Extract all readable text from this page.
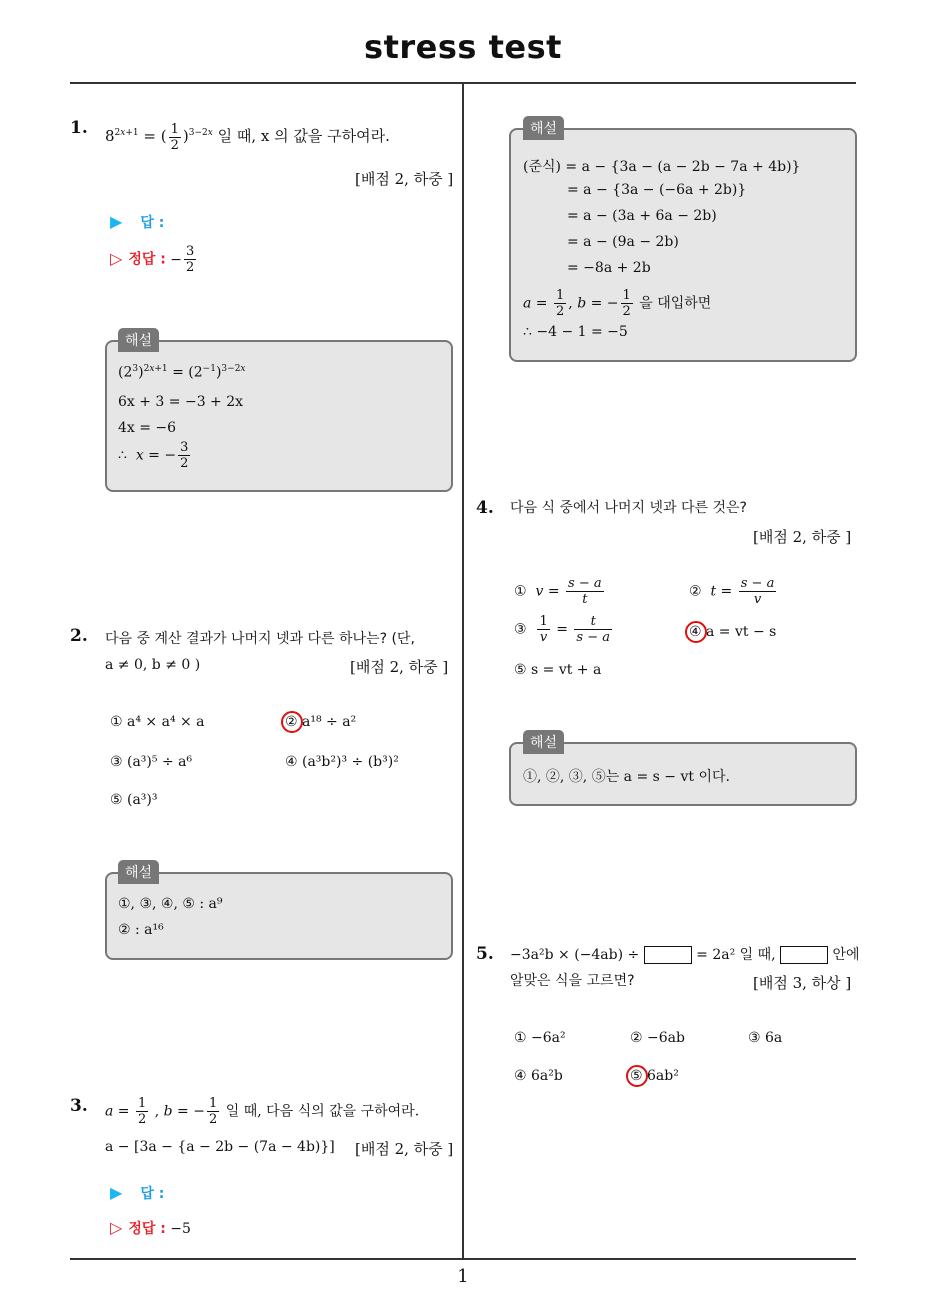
stress test
1
1. $8^{2x+1}$ = ( $\frac{1}{2} )^{3-2x}$ 일 때, x 의 값을 구하여라.
[배점 2, 하중 ]
▶ 답 :
▷ 정답 : − $\frac{3}{2}$
해설
$(2^3)^{2x+1} = (2^{-1})^{3-2x}$
6x + 3 = −3 + 2x
4x = −6
∴  x = − $\frac{3}{2}$
2. 다음 중 계산 결과가 나머지 넷과 다른 하나는? (단,
a ≠ 0, b ≠ 0 )	[배점 2, 하중 ]
① a⁴ × a⁴ × a	② a¹⁸ ÷ a²
③ (a³)⁵ ÷ a⁶	④ (a³b²)³ ÷ (b³)²
⑤ (a³)³
해설
①, ③, ④, ⑤ : a⁹
② : a¹⁶
3. $a = \frac{1}{2}$ , b = − $\frac{1}{2}$ 일 때, 다음 식의 값을 구하여라.
a − [3a − {a − 2b − (7a − 4b)}] [배점 2, 하중 ]
▶ 답 :
▷ 정답 : −5
해설
(준식) = a − {3a − (a − 2b − 7a + 4b)}
= a − {3a − (−6a + 2b)}
= a − (3a + 6a − 2b)
= a − (9a − 2b)
= −8a + 2b
$a = \frac{1}{2}$ , b = − $\frac{1}{2}$ 을 대입하면
∴ −4 − 1 = −5
4. 다음 식 중에서 나머지 넷과 다른 것은?
[배점 2, 하중 ]
① $v = \frac{s - a}{t}$	② $t = \frac{s - a}{v}$
③ $\frac{1}{v} = \frac{t}{s - a}$	④ a = vt − s
⑤ s = vt + a
해설
①, ②, ③, ⑤는 a = s − vt 이다.
5. −3a²b × (−4ab) ÷	= 2a² 일 때,	안에
알맞은 식을 고르면?	[배점 3, 하상 ]
① −6a²	② −6ab	③ 6a
④ 6a²b	⑤ 6ab²
